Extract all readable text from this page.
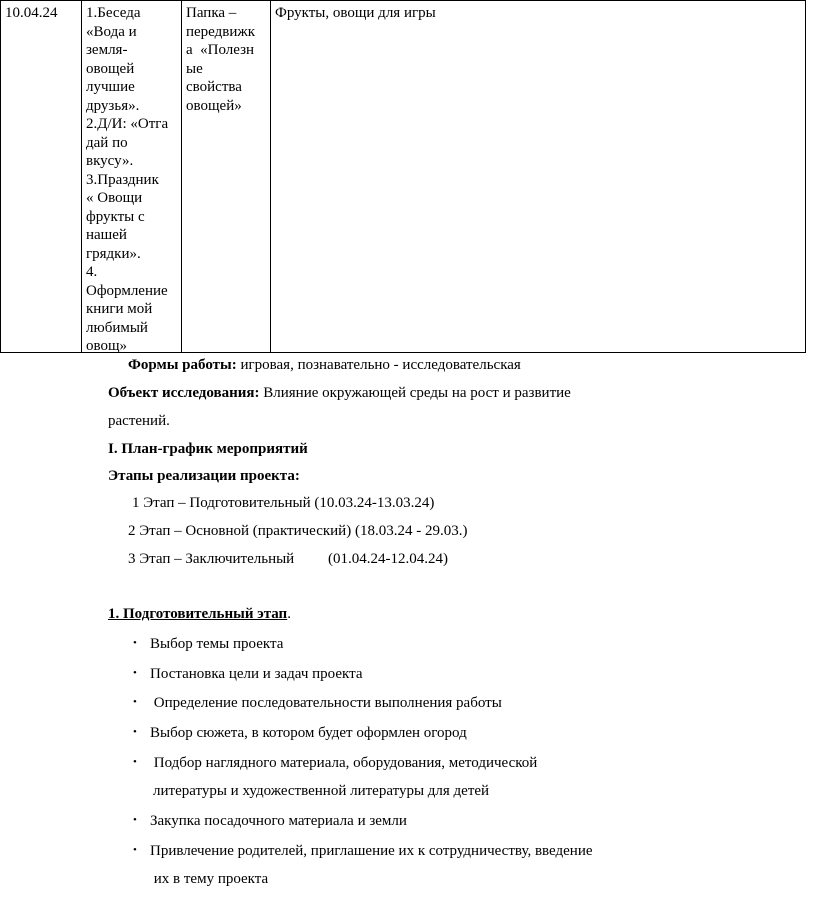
10.04.24 1.Беседа
«Вода и
земля-
овощей
лучшие
друзья».
2.Д/И: «Отга
дай по
вкусу».
3.Праздник
« Овощи
фрукты с
нашей
грядки».
4.
Оформление
книги мой
любимый
овощ»
Папка –
передвижк
а  «Полезн
ые
свойства
овощей»
Фрукты, овощи для игры
Формы работы: игровая, познавательно - исследовательская
Объект исследования: Влияние окружающей среды на рост и развитие
растений.
I. План-график мероприятий
Этапы реализации проекта:
1 Этап – Подготовительный (10.03.24-13.03.24)
2 Этап – Основной (практический) (18.03.24 - 29.03.)
3 Этап – Заключительный         (01.04.24-12.04.24)
1. Подготовительный этап.
• Выбор темы проекта
• Постановка цели и задач проекта
• Определение последовательности выполнения работы
• Выбор сюжета, в котором будет оформлен огород
• Подбор наглядного материала, оборудования, методической
литературы и художественной литературы для детей
• Закупка посадочного материала и земли
• Привлечение родителей, приглашение их к сотрудничеству, введение
их в тему проекта
